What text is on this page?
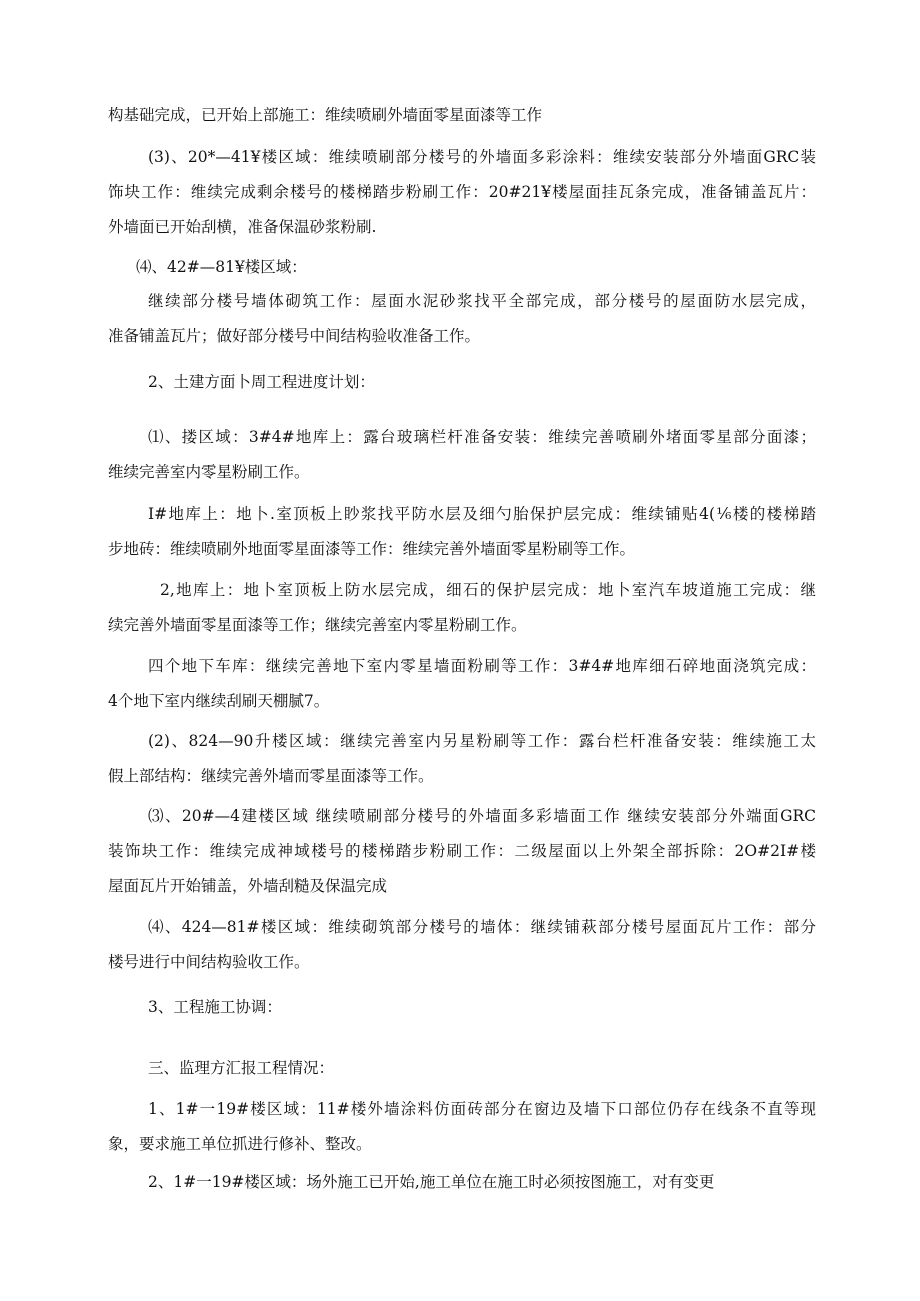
构基础完成，已开始上部施工：维续喷刷外墙面零星面漆等工作

(3)、20*—41¥楼区域：维续喷刷部分楼号的外墙面多彩涂料：维续安装部分外墙面GRC装
饰块工作：维续完成剩余楼号的楼梯踏步粉刷工作：20#21¥楼屋面挂瓦条完成，准备铺盖瓦片：
外墙面已开始刮横，准备保温砂浆粉刷.

⑷、42#—81¥楼区域：

继续部分楼号墙体砌筑工作：屋面水泥砂浆找平全部完成，部分楼号的屋面防水层完成，
准备铺盖瓦片；做好部分楼号中间结构验收准备工作。

2、土建方面卜周工程进度计划：

⑴、搂区域：3#4#地库上：露台玻璃栏杆准备安装：维续完善喷刷外堵面零星部分面漆；
维续完善室内零星粉刷工作。

I#地库上：地卜.室顶板上眇浆找平防水层及细勺胎保护层完成：维续铺贴4(⅙楼的楼梯踏
步地砖：维续喷刷外地面零星面漆等工作：维续完善外墙面零星粉刷等工作。

2,地库上：地卜室顶板上防水层完成，细石的保护层完成：地卜室汽车坡道施工完成：继
续完善外墙面零星面漆等工作；继续完善室内零星粉刷工作。

四个地下车库：继续完善地下室内零星墙面粉刷等工作：3#4#地库细石碎地面浇筑完成：
4个地下室内继续刮刷天棚腻7。

(2)、824—90升楼区域：继续完善室内另星粉刷等工作：露台栏杆准备安装：维续施工太
假上部结构：继续完善外墙而零星面漆等工作。

⑶、20#—4建楼区域 继续喷刷部分楼号的外墙面多彩墙面工作 继续安装部分外端面GRC
装饰块工作：维续完成神域楼号的楼梯踏步粉刷工作：二级屋面以上外架全部拆除：2O#2I#楼
屋面瓦片开始铺盖，外墙刮糙及保温完成

⑷、424—81#楼区域：维续砌筑部分楼号的墙体：继续铺萩部分楼号屋面瓦片工作：部分
楼号进行中间结构验收工作。

3、工程施工协调：

三、监理方汇报工程情况：

1、1#一19#楼区域：11#楼外墙涂料仿面砖部分在窗边及墙下口部位仍存在线条不直等现
象，要求施工单位抓进行修补、整改。

2、1#一19#楼区域：场外施工已开始,施工单位在施工时必须按图施工，对有变更
